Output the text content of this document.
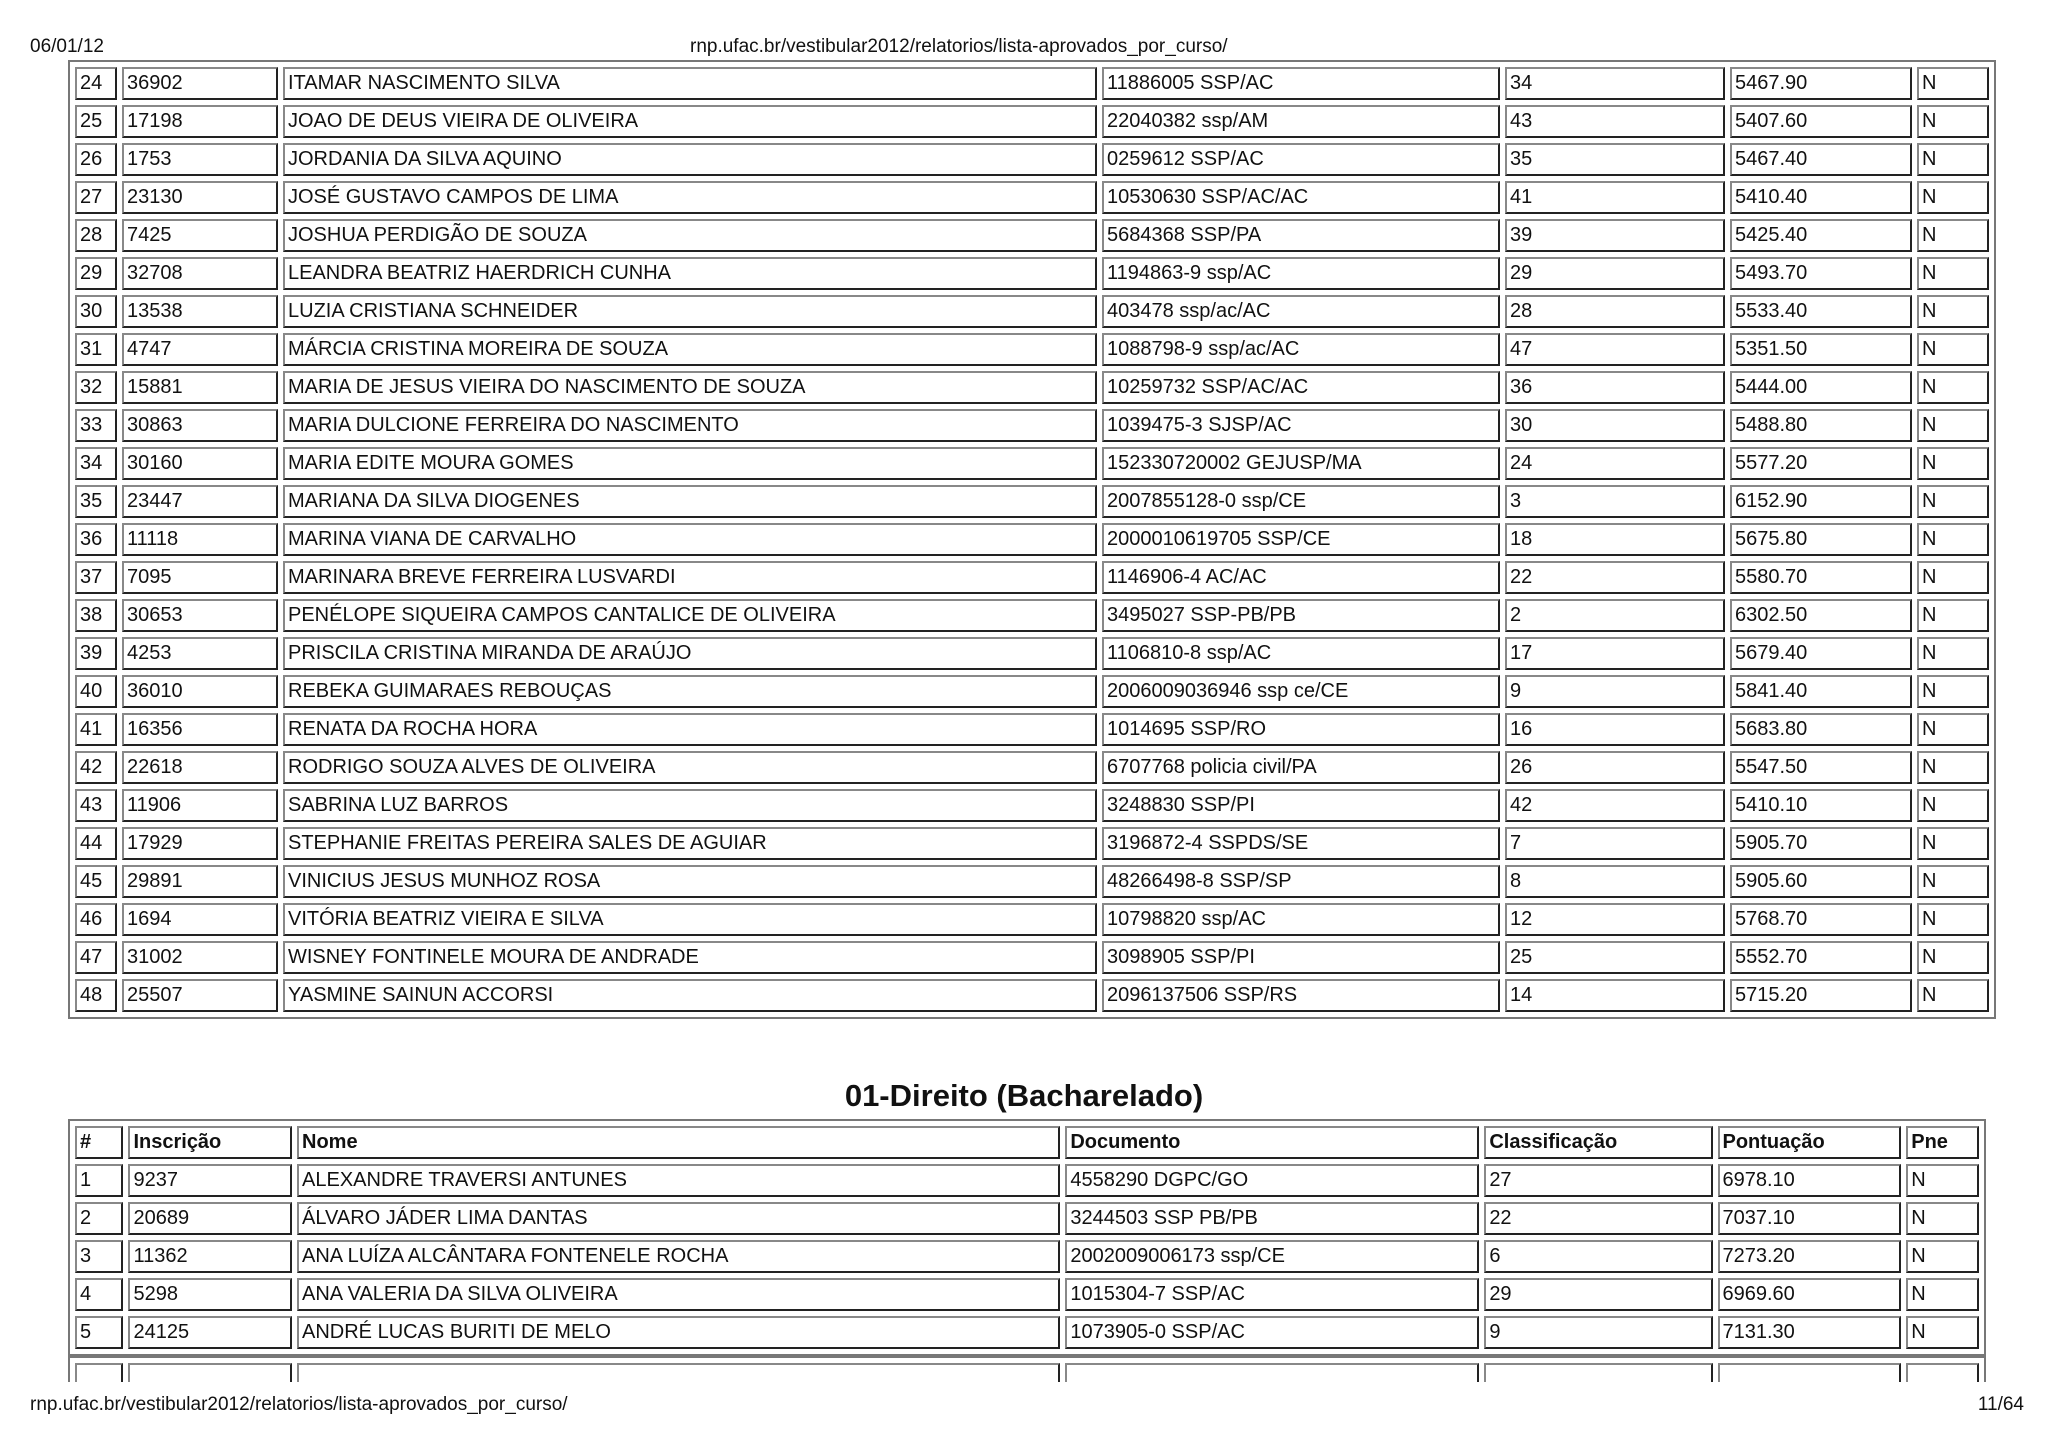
06/01/12	rnp.ufac.br/vestibular2012/relatorios/lista-aprovados_por_curso/
24	36902	ITAMAR NASCIMENTO SILVA	11886005 SSP/AC	34	5467.90	N
25	17198	JOAO DE DEUS VIEIRA DE OLIVEIRA	22040382 ssp/AM	43	5407.60	N
26	1753	JORDANIA DA SILVA AQUINO	0259612 SSP/AC	35	5467.40	N
27	23130	JOSÉ GUSTAVO CAMPOS DE LIMA	10530630 SSP/AC/AC	41	5410.40	N
28	7425	JOSHUA PERDIGÃO DE SOUZA	5684368 SSP/PA	39	5425.40	N
29	32708	LEANDRA BEATRIZ HAERDRICH CUNHA	1194863-9 ssp/AC	29	5493.70	N
30	13538	LUZIA CRISTIANA SCHNEIDER	403478 ssp/ac/AC	28	5533.40	N
31	4747	MÁRCIA CRISTINA MOREIRA DE SOUZA	1088798-9 ssp/ac/AC	47	5351.50	N
32	15881	MARIA DE JESUS VIEIRA DO NASCIMENTO DE SOUZA	10259732 SSP/AC/AC	36	5444.00	N
33	30863	MARIA DULCIONE FERREIRA DO NASCIMENTO	1039475-3 SJSP/AC	30	5488.80	N
34	30160	MARIA EDITE MOURA GOMES	152330720002 GEJUSP/MA	24	5577.20	N
35	23447	MARIANA DA SILVA DIOGENES	2007855128-0 ssp/CE	3	6152.90	N
36	11118	MARINA VIANA DE CARVALHO	2000010619705 SSP/CE	18	5675.80	N
37	7095	MARINARA BREVE FERREIRA LUSVARDI	1146906-4 AC/AC	22	5580.70	N
38	30653	PENÉLOPE SIQUEIRA CAMPOS CANTALICE DE OLIVEIRA	3495027 SSP-PB/PB	2	6302.50	N
39	4253	PRISCILA CRISTINA MIRANDA DE ARAÚJO	1106810-8 ssp/AC	17	5679.40	N
40	36010	REBEKA GUIMARAES REBOUÇAS	2006009036946 ssp ce/CE	9	5841.40	N
41	16356	RENATA DA ROCHA HORA	1014695 SSP/RO	16	5683.80	N
42	22618	RODRIGO SOUZA ALVES DE OLIVEIRA	6707768 policia civil/PA	26	5547.50	N
43	11906	SABRINA LUZ BARROS	3248830 SSP/PI	42	5410.10	N
44	17929	STEPHANIE FREITAS PEREIRA SALES DE AGUIAR	3196872-4 SSPDS/SE	7	5905.70	N
45	29891	VINICIUS JESUS MUNHOZ ROSA	48266498-8 SSP/SP	8	5905.60	N
46	1694	VITÓRIA BEATRIZ VIEIRA E SILVA	10798820 ssp/AC	12	5768.70	N
47	31002	WISNEY FONTINELE MOURA DE ANDRADE	3098905 SSP/PI	25	5552.70	N
48	25507	YASMINE SAINUN ACCORSI	2096137506 SSP/RS	14	5715.20	N
01-Direito (Bacharelado)
#	Inscrição	Nome	Documento	Classificação	Pontuação	Pne
1	9237	ALEXANDRE TRAVERSI ANTUNES	4558290 DGPC/GO	27	6978.10	N
2	20689	ÁLVARO JÁDER LIMA DANTAS	3244503 SSP PB/PB	22	7037.10	N
3	11362	ANA LUÍZA ALCÂNTARA FONTENELE ROCHA	2002009006173 ssp/CE	6	7273.20	N
4	5298	ANA VALERIA DA SILVA OLIVEIRA	1015304-7 SSP/AC	29	6969.60	N
5	24125	ANDRÉ LUCAS BURITI DE MELO	1073905-0 SSP/AC	9	7131.30	N

rnp.ufac.br/vestibular2012/relatorios/lista-aprovados_por_curso/	11/64
